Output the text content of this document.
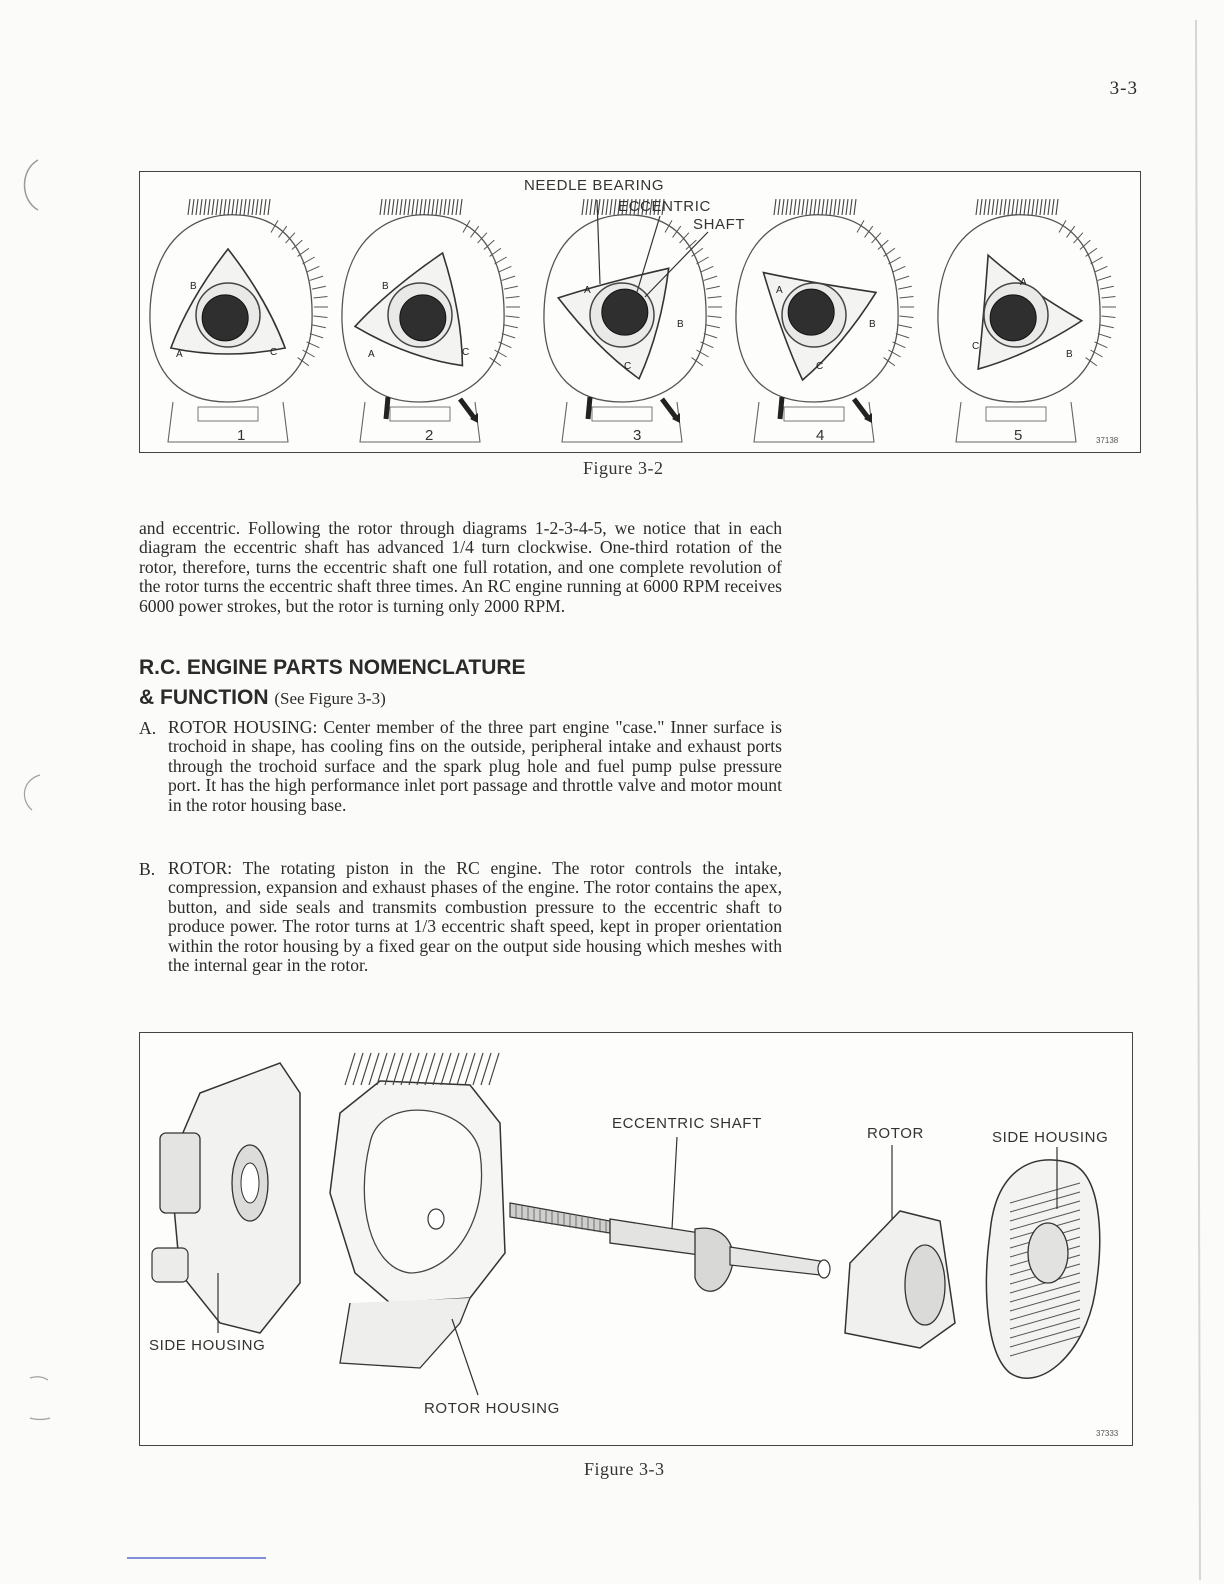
3-3
B
A	C
B
A	C
A
B
C
A
B
C
A
C
B
NEEDLE BEARING
ECCENTRIC
SHAFT
1	2	3	4	5	37138
Figure 3-2
and eccentric. Following the rotor through diagrams 1-2-3-4-5, we notice that in each diagram the eccentric shaft has advanced 1/4 turn clockwise. One-third rotation of the rotor, therefore, turns the eccentric shaft one full rotation, and one complete revolution of the rotor turns the eccentric shaft three times. An RC engine running at 6000 RPM receives 6000 power strokes, but the rotor is turning only 2000 RPM.
R.C. ENGINE PARTS NOMENCLATURE
& FUNCTION (See Figure 3-3)
A. ROTOR HOUSING: Center member of the three part engine "case." Inner surface is trochoid in shape, has cooling fins on the outside, peripheral intake and exhaust ports through the trochoid surface and the spark plug hole and fuel pump pulse pressure port. It has the high performance inlet port passage and throttle valve and motor mount in the rotor housing base.
B. ROTOR: The rotating piston in the RC engine. The rotor controls the intake, compression, expansion and exhaust phases of the engine. The rotor contains the apex, button, and side seals and transmits combustion pressure to the eccentric shaft to produce power. The rotor turns at 1/3 eccentric shaft speed, kept in proper orientation within the rotor housing by a fixed gear on the output side housing which meshes with the internal gear in the rotor.
ECCENTRIC SHAFT
ROTOR	SIDE HOUSING
SIDE HOUSING
ROTOR HOUSING
37333
Figure 3-3
